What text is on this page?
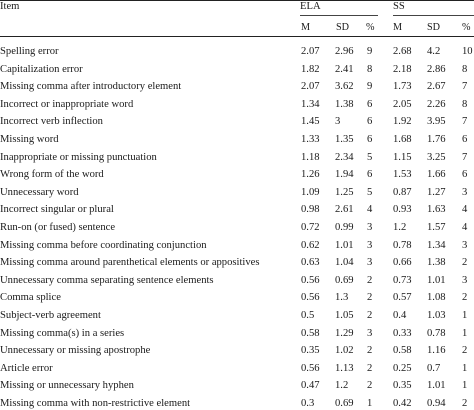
Item	ELA	SS
M	SD % M SD %
Spelling error	2.07 2.96 9 2.68 4.2 10
Capitalization error	1.82 2.41 8 2.18 2.86 8
Missing comma after introductory element	2.07 3.62 9 1.73 2.67 7
Incorrect or inappropriate word	1.34 1.38 6 2.05 2.26 8
Incorrect verb inflection	1.45 3	6 1.92 3.95 7
Missing word	1.33 1.35 6 1.68 1.76 6
Inappropriate or missing punctuation	1.18 2.34 5 1.15 3.25 7
Wrong form of the word	1.26 1.94 6 1.53 1.66 6
Unnecessary word	1.09 1.25 5 0.87 1.27 3
Incorrect singular or plural	0.98 2.61 4 0.93 1.63 4
Run-on (or fused) sentence	0.72 0.99 3 1.2 1.57 4
Missing comma before coordinating conjunction	0.62 1.01 3 0.78 1.34 3
Missing comma around parenthetical elements or appositives	0.63 1.04 3 0.66 1.38 2
Unnecessary comma separating sentence elements	0.56 0.69 2 0.73 1.01 3
Comma splice	0.56 1.3 2 0.57 1.08 2
Subject-verb agreement	0.5 1.05 2 0.4 1.03 1
Missing comma(s) in a series	0.58 1.29 3 0.33 0.78 1
Unnecessary or missing apostrophe	0.35 1.02 2 0.58 1.16 2
Article error	0.56 1.13 2 0.25 0.7 1
Missing or unnecessary hyphen	0.47 1.2 2 0.35 1.01 1
Missing comma with non-restrictive element	0.3 0.69 1 0.42 0.94 2
